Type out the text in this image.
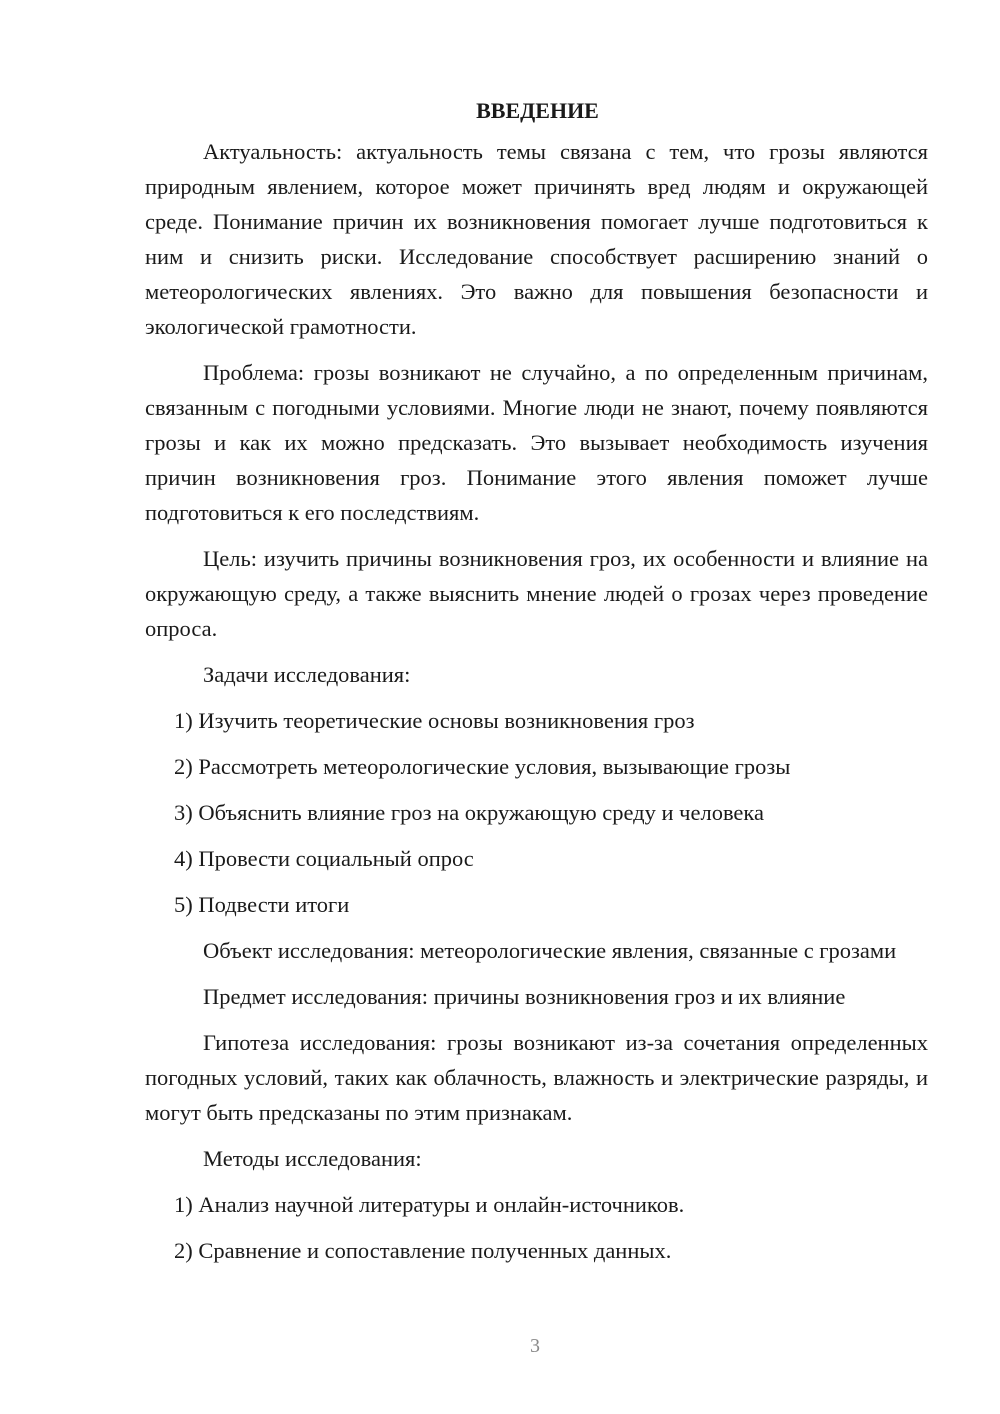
ВВЕДЕНИЕ

Актуальность: актуальность темы связана с тем, что грозы являются природным явлением, которое может причинять вред людям и окружающей среде. Понимание причин их возникновения помогает лучше подготовиться к ним и снизить риски. Исследование способствует расширению знаний о метеорологических явлениях. Это важно для повышения безопасности и экологической грамотности.

Проблема: грозы возникают не случайно, а по определенным причинам, связанным с погодными условиями. Многие люди не знают, почему появляются грозы и как их можно предсказать. Это вызывает необходимость изучения причин возникновения гроз. Понимание этого явления поможет лучше подготовиться к его последствиям.

Цель: изучить причины возникновения гроз, их особенности и влияние на окружающую среду, а также выяснить мнение людей о грозах через проведение опроса.

Задачи исследования:

1) Изучить теоретические основы возникновения гроз

2) Рассмотреть метеорологические условия, вызывающие грозы

3) Объяснить влияние гроз на окружающую среду и человека

4) Провести социальный опрос

5) Подвести итоги

Объект исследования: метеорологические явления, связанные с грозами

Предмет исследования: причины возникновения гроз и их влияние

Гипотеза исследования: грозы возникают из-за сочетания определенных погодных условий, таких как облачность, влажность и электрические разряды, и могут быть предсказаны по этим признакам.

Методы исследования:

1) Анализ научной литературы и онлайн-источников.

2) Сравнение и сопоставление полученных данных.

3
